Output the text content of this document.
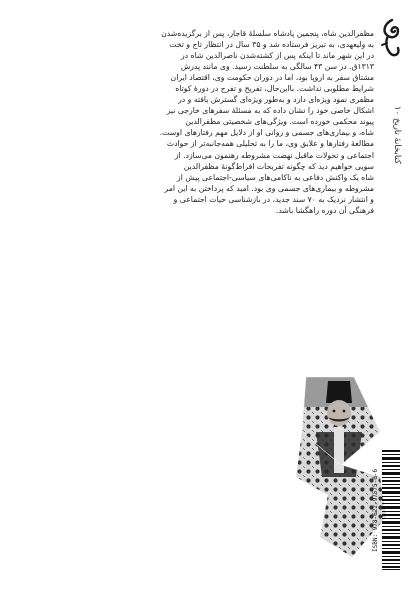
کتابخانهٔ تاریخ ۱۰
مظفرالدین شاه، پنجمین پادشاه سلسلهٔ قاجار، پس از برگزیده‌شدن
به ولیعهدی، به تبریز فرستاده شد و ۳۵ سال در انتظار تاج و تخت
در این شهر ماند تا اینکه پس از کشته‌شدن ناصرالدین شاه در
۱۳۱۳ق. در سن ۴۳ سالگی به سلطنت رسید. وی مانند پدرش
مشتاق سفر به اروپا بود، اما در دوران حکومت وی، اقتصاد ایران
شرایط مطلوبی نداشت. بااین‌حال، تفریح و تفرج در دورهٔ کوتاه
مظفری نمود ویژه‌ای دارد و به‌طور ویژه‌ای گسترش یافته و در
اشکال خاصی خود را نشان داده که به مسئلهٔ سفرهای خارجی نیز
پیوند محکمی خورده است. ویژگی‌های شخصیتی مظفرالدین
شاه، و بیماری‌های جسمی و روانی او از دلایل مهم رفتارهای اوست.
مطالعهٔ رفتارها و علایق وی، ما را به تحلیلی همه‌جانبه‌تر از حوادث
اجتماعی و تحولات ماقبل نهضت مشروطه رهنمون می‌سازد. از
سویی خواهیم دید که چگونه تفریحات افراط‌گونهٔ مظفرالدین
شاه یک واکنش دفاعی به ناکامی‌های سیاسی-اجتماعی پیش از
مشروطه و بیماری‌های جسمی وی بود. امید که پرداختن به این امر
و انتشار نزدیک به ۷۰ سند جدید، در بازشناسی حیات اجتماعی و
فرهنگی آن دوره راهگشا باشد.
ISBN: 978-622-97575-0-6
